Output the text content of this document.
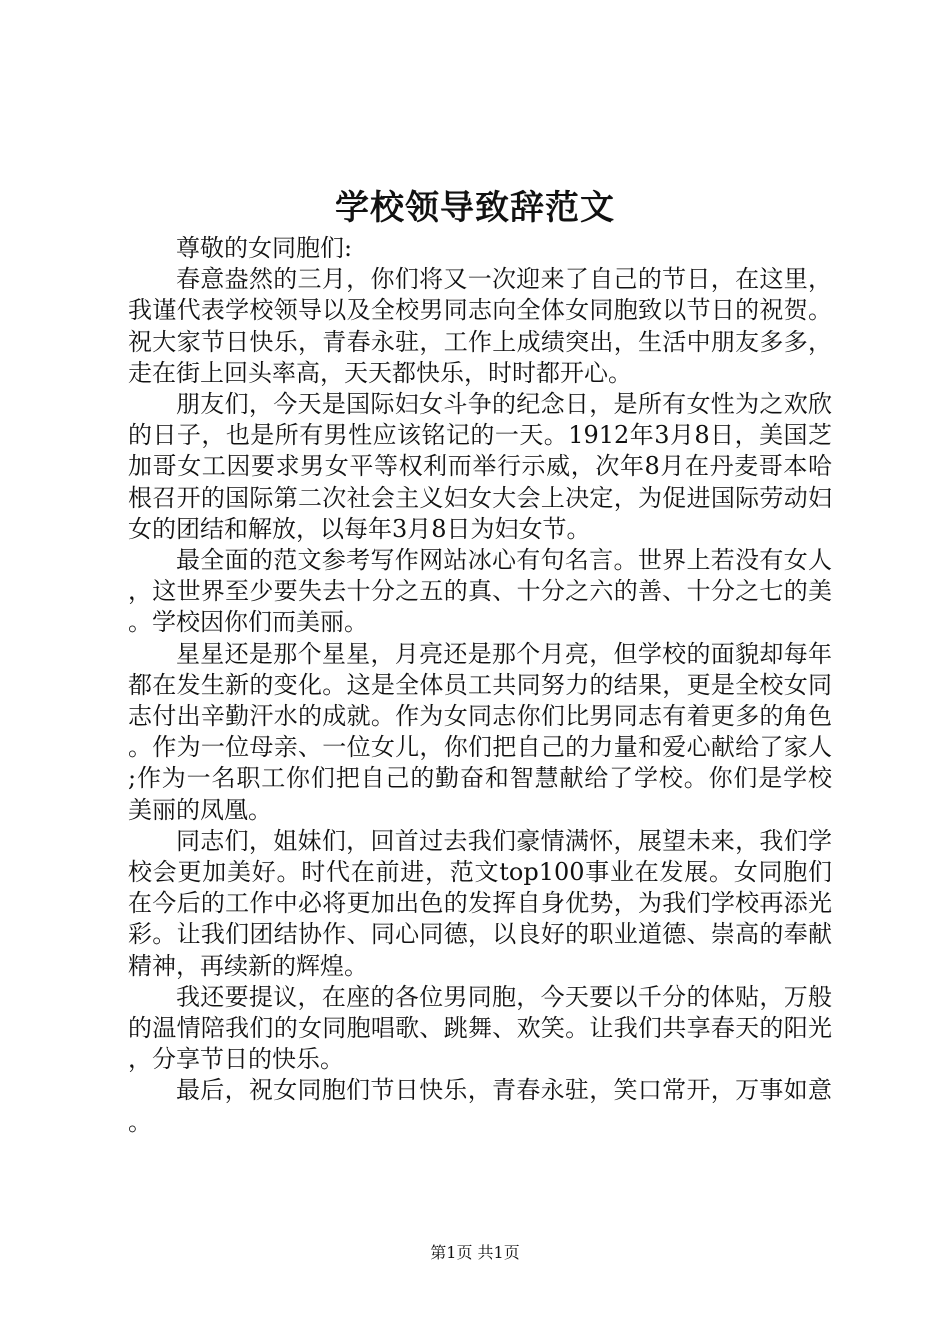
学校领导致辞范文

尊敬的女同胞们:

春意盎然的三月，你们将又一次迎来了自己的节日，在这里，我谨代表学校领导以及全校男同志向全体女同胞致以节日的祝贺。祝大家节日快乐，青春永驻，工作上成绩突出，生活中朋友多多，走在街上回头率高，天天都快乐，时时都开心。

朋友们，今天是国际妇女斗争的纪念日，是所有女性为之欢欣的日子，也是所有男性应该铭记的一天。1912年3月8日，美国芝加哥女工因要求男女平等权利而举行示威，次年8月在丹麦哥本哈根召开的国际第二次社会主义妇女大会上决定，为促进国际劳动妇女的团结和解放，以每年3月8日为妇女节。

最全面的范文参考写作网站冰心有句名言。世界上若没有女人，这世界至少要失去十分之五的真、十分之六的善、十分之七的美。学校因你们而美丽。

星星还是那个星星，月亮还是那个月亮，但学校的面貌却每年都在发生新的变化。这是全体员工共同努力的结果，更是全校女同志付出辛勤汗水的成就。作为女同志你们比男同志有着更多的角色。作为一位母亲、一位女儿，你们把自己的力量和爱心献给了家人;作为一名职工你们把自己的勤奋和智慧献给了学校。你们是学校美丽的凤凰。

同志们，姐妹们，回首过去我们豪情满怀，展望未来，我们学校会更加美好。时代在前进，范文top100事业在发展。女同胞们在今后的工作中必将更加出色的发挥自身优势，为我们学校再添光彩。让我们团结协作、同心同德，以良好的职业道德、崇高的奉献精神，再续新的辉煌。

我还要提议，在座的各位男同胞，今天要以千分的体贴，万般的温情陪我们的女同胞唱歌、跳舞、欢笑。让我们共享春天的阳光，分享节日的快乐。

最后，祝女同胞们节日快乐，青春永驻，笑口常开，万事如意。

第1页 共1页
